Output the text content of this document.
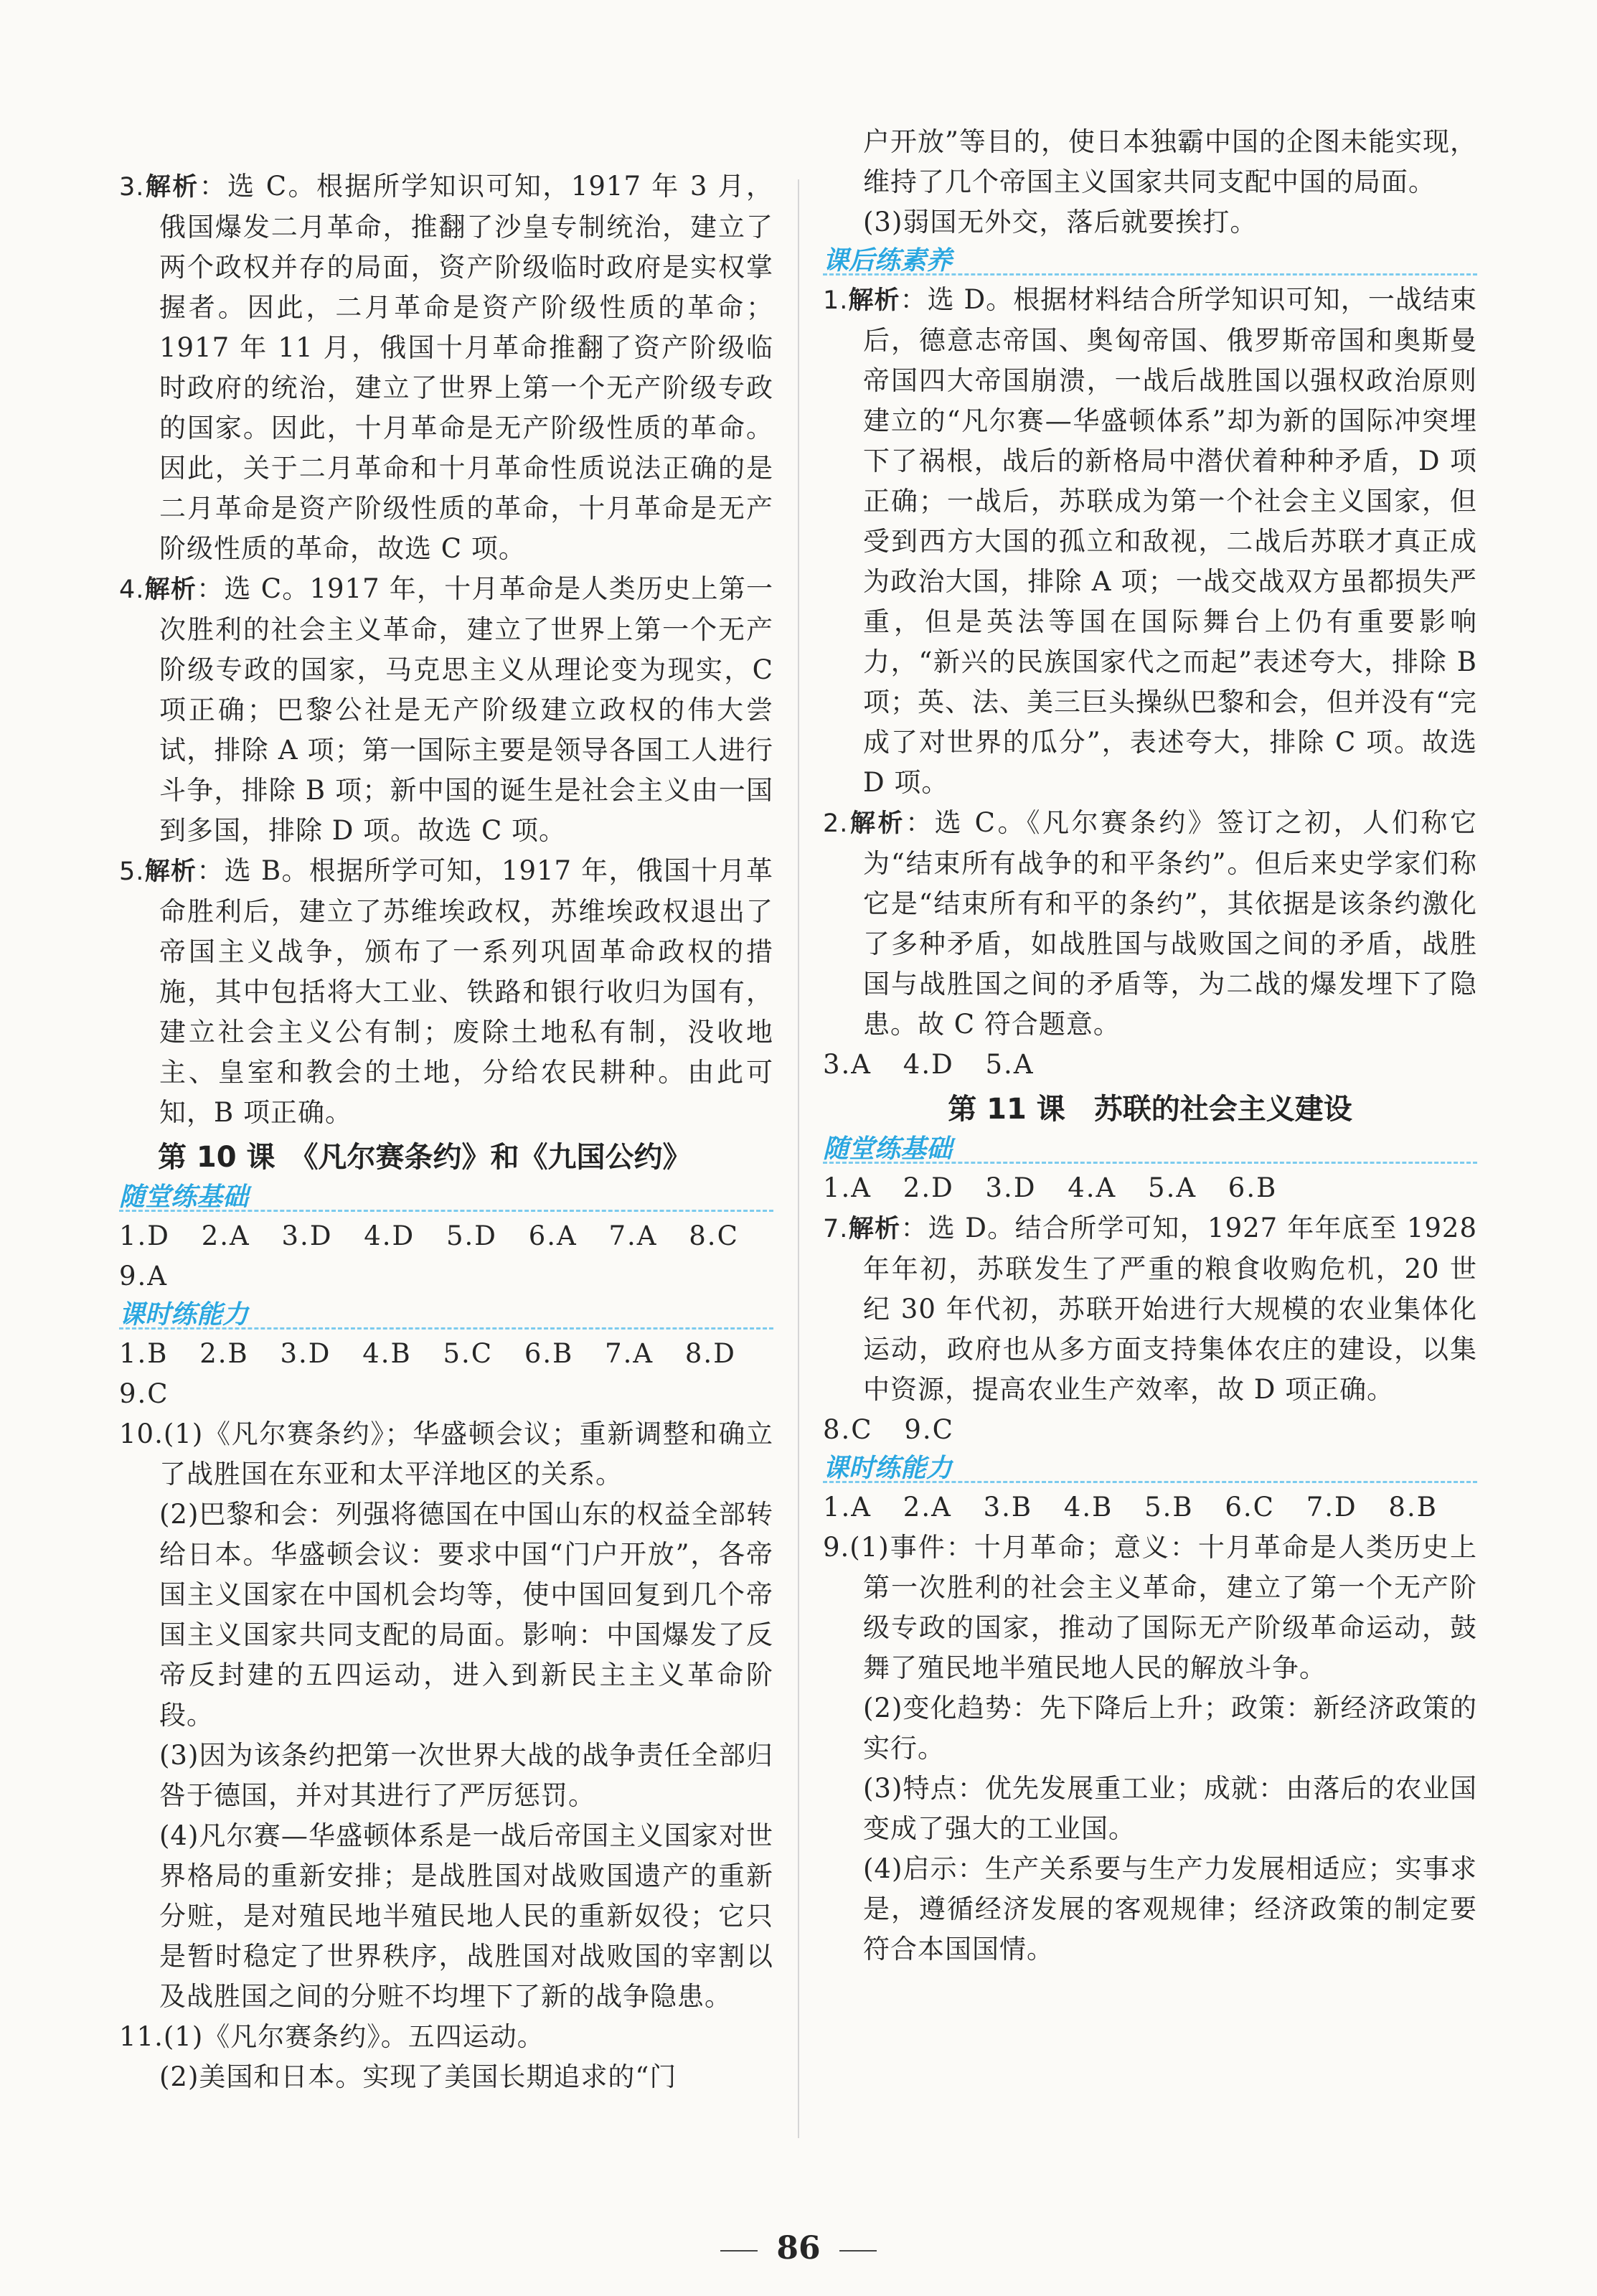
3.解析：选 C。根据所学知识可知，1917 年 3 月，俄国爆发二月革命，推翻了沙皇专制统治，建立了两个政权并存的局面，资产阶级临时政府是实权掌握者。因此，二月革命是资产阶级性质的革命；1917 年 11 月，俄国十月革命推翻了资产阶级临时政府的统治，建立了世界上第一个无产阶级专政的国家。因此，十月革命是无产阶级性质的革命。因此，关于二月革命和十月革命性质说法正确的是二月革命是资产阶级性质的革命，十月革命是无产阶级性质的革命，故选 C 项。

4.解析：选 C。1917 年，十月革命是人类历史上第一次胜利的社会主义革命，建立了世界上第一个无产阶级专政的国家，马克思主义从理论变为现实，C 项正确；巴黎公社是无产阶级建立政权的伟大尝试，排除 A 项；第一国际主要是领导各国工人进行斗争，排除 B 项；新中国的诞生是社会主义由一国到多国，排除 D 项。故选 C 项。

5.解析：选 B。根据所学可知，1917 年，俄国十月革命胜利后，建立了苏维埃政权，苏维埃政权退出了帝国主义战争，颁布了一系列巩固革命政权的措施，其中包括将大工业、铁路和银行收归为国有，建立社会主义公有制；废除土地私有制，没收地主、皇室和教会的土地，分给农民耕种。由此可知，B 项正确。

第 10 课　《凡尔赛条约》和《九国公约》

随堂练基础

1.D 2.A 3.D 4.D 5.D 6.A 7.A 8.C

9.A

课时练能力

1.B 2.B 3.D 4.B 5.C 6.B 7.A 8.D

9.C

10.(1)《凡尔赛条约》；华盛顿会议；重新调整和确立了战胜国在东亚和太平洋地区的关系。

(2)巴黎和会：列强将德国在中国山东的权益全部转给日本。华盛顿会议：要求中国“门户开放”，各帝国主义国家在中国机会均等，使中国回复到几个帝国主义国家共同支配的局面。影响：中国爆发了反帝反封建的五四运动，进入到新民主主义革命阶段。

(3)因为该条约把第一次世界大战的战争责任全部归咎于德国，并对其进行了严厉惩罚。

(4)凡尔赛—华盛顿体系是一战后帝国主义国家对世界格局的重新安排；是战胜国对战败国遗产的重新分赃，是对殖民地半殖民地人民的重新奴役；它只是暂时稳定了世界秩序，战胜国对战败国的宰割以及战胜国之间的分赃不均埋下了新的战争隐患。

11.(1)《凡尔赛条约》。五四运动。

(2)美国和日本。实现了美国长期追求的“门

户开放”等目的，使日本独霸中国的企图未能实现，维持了几个帝国主义国家共同支配中国的局面。

(3)弱国无外交，落后就要挨打。

课后练素养

1.解析：选 D。根据材料结合所学知识可知，一战结束后，德意志帝国、奥匈帝国、俄罗斯帝国和奥斯曼帝国四大帝国崩溃，一战后战胜国以强权政治原则建立的“凡尔赛—华盛顿体系”却为新的国际冲突埋下了祸根，战后的新格局中潜伏着种种矛盾，D 项正确；一战后，苏联成为第一个社会主义国家，但受到西方大国的孤立和敌视，二战后苏联才真正成为政治大国，排除 A 项；一战交战双方虽都损失严重，但是英法等国在国际舞台上仍有重要影响力，“新兴的民族国家代之而起”表述夸大，排除 B 项；英、法、美三巨头操纵巴黎和会，但并没有“完成了对世界的瓜分”，表述夸大，排除 C 项。故选 D 项。

2.解析：选 C。《凡尔赛条约》签订之初，人们称它为“结束所有战争的和平条约”。但后来史学家们称它是“结束所有和平的条约”，其依据是该条约激化了多种矛盾，如战胜国与战败国之间的矛盾，战胜国与战胜国之间的矛盾等，为二战的爆发埋下了隐患。故 C 符合题意。

3.A 4.D 5.A

第 11 课　苏联的社会主义建设

随堂练基础

1.A 2.D 3.D 4.A 5.A 6.B

7.解析：选 D。结合所学可知，1927 年年底至 1928 年年初，苏联发生了严重的粮食收购危机，20 世纪 30 年代初，苏联开始进行大规模的农业集体化运动，政府也从多方面支持集体农庄的建设，以集中资源，提高农业生产效率，故 D 项正确。

8.C 9.C

课时练能力

1.A 2.A 3.B 4.B 5.B 6.C 7.D 8.B

9.(1)事件：十月革命；意义：十月革命是人类历史上第一次胜利的社会主义革命，建立了第一个无产阶级专政的国家，推动了国际无产阶级革命运动，鼓舞了殖民地半殖民地人民的解放斗争。

(2)变化趋势：先下降后上升；政策：新经济政策的实行。

(3)特点：优先发展重工业；成就：由落后的农业国变成了强大的工业国。

(4)启示：生产关系要与生产力发展相适应；实事求是，遵循经济发展的客观规律；经济政策的制定要符合本国国情。

86
